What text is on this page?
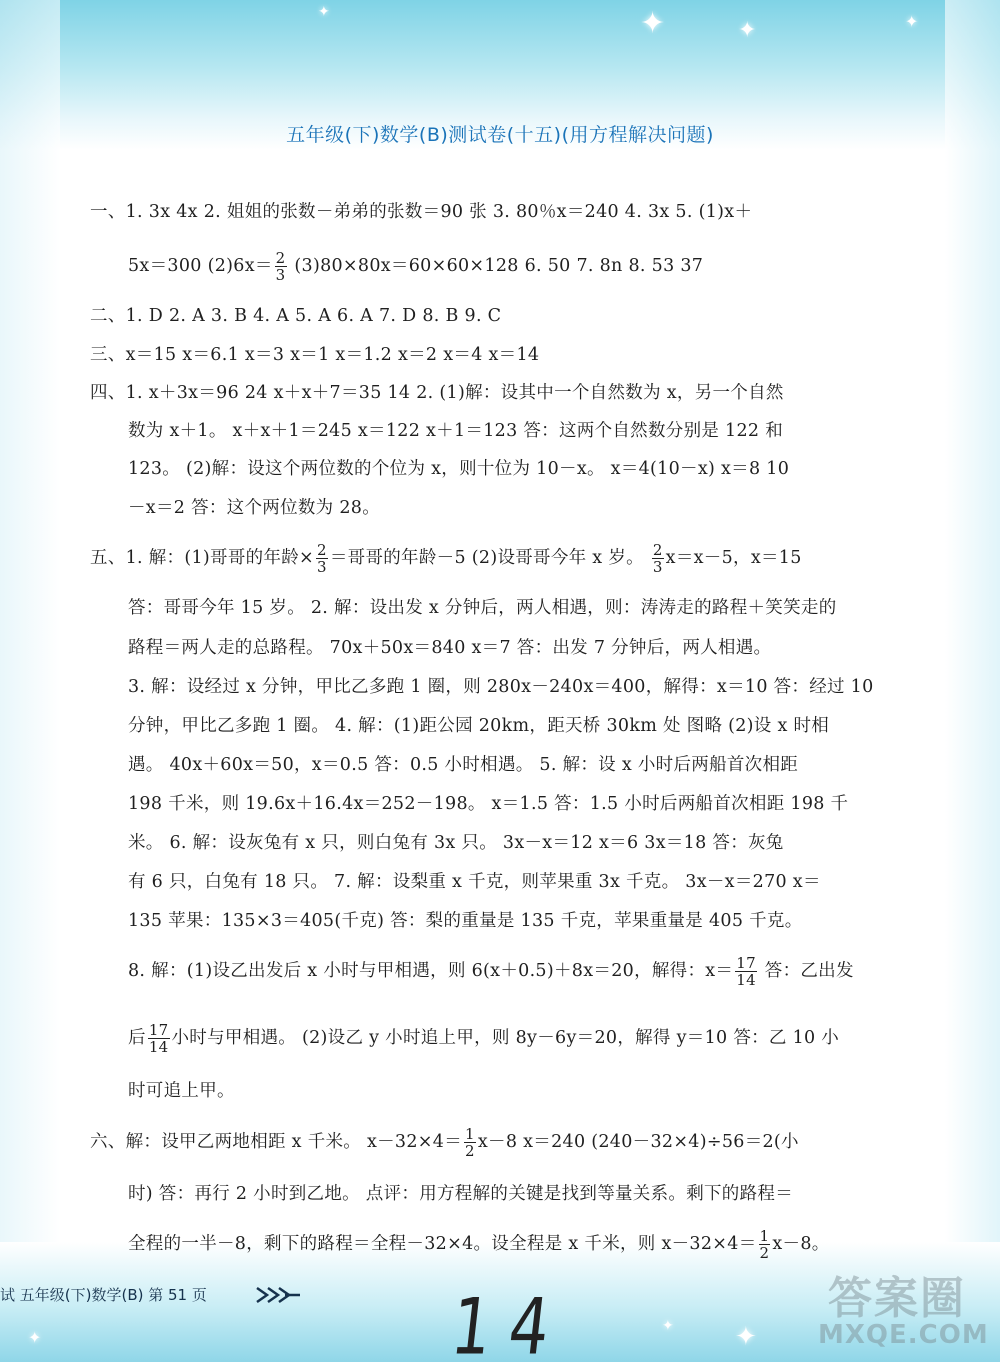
✦	✦
✦	✦
✦
✦
✦
五年级(下)数学(B)测试卷(十五)(用方程解决问题)
一、1. 3x 4x 2. 姐姐的张数－弟弟的张数＝90 张 3. 80％x＝240 4. 3x 5. (1)x＋
5x＝300 $(2)6x= \frac{2}{3} (3)80\times 80x=60\times 60\times 128$ 6. 50 7. 8n 8. 53 37
二、1. D 2. A 3. B 4. A 5. A 6. A 7. D 8. B 9. C
三、x＝15 x＝6.1 x＝3 x＝1 x＝1.2 x＝2 x＝4 x＝14
四、1. x＋3x＝96 24 x＋x＋7＝35 14 2. (1)解：设其中一个自然数为 x，另一个自然
数为 x＋1。 x＋x＋1＝245 x＝122 x＋1＝123 答：这两个自然数分别是 122 和
123。 (2)解：设这个两位数的个位为 x，则十位为 10－x。 x＝4(10－x) x＝8 10
－x＝2 答：这个两位数为 28。
五、1. 解：(1)哥哥的年龄× $\frac{2}{3}$ ＝哥哥的年龄－5 (2)设哥哥今年 x 岁。 $\frac{2}{3} x=x-5$，x＝15
答：哥哥今年 15 岁。 2. 解：设出发 x 分钟后，两人相遇，则：涛涛走的路程＋笑笑走的
路程＝两人走的总路程。 70x＋50x＝840 x＝7 答：出发 7 分钟后，两人相遇。
3. 解：设经过 x 分钟，甲比乙多跑 1 圈，则 280x－240x＝400，解得：x＝10 答：经过 10
分钟，甲比乙多跑 1 圈。 4. 解：(1)距公园 20km，距天桥 30km 处 图略 (2)设 x 时相
遇。 40x＋60x＝50，x＝0.5 答：0.5 小时相遇。 5. 解：设 x 小时后两船首次相距
198 千米，则 19.6x＋16.4x＝252－198。 x＝1.5 答：1.5 小时后两船首次相距 198 千
米。 6. 解：设灰兔有 x 只，则白兔有 3x 只。 3x－x＝12 x＝6 3x＝18 答：灰兔
有 6 只，白兔有 18 只。 7. 解：设梨重 x 千克，则苹果重 3x 千克。 3x－x＝270 x＝
135 苹果：135×3＝405(千克) 答：梨的重量是 135 千克，苹果重量是 405 千克。
8. 解：(1)设乙出发后 x 小时与甲相遇，则 6(x＋0.5)＋8x＝20，解得：$x= \frac{17}{14}$ 答：乙出发
后 $\frac{17}{14}$ 小时与甲相遇。 (2)设乙 y 小时追上甲，则 8y－6y＝20，解得 y＝10 答：乙 10 小
时可追上甲。
六、解：设甲乙两地相距 x 千米。 $x-32\times 4= \frac{1}{2} x-8$ x＝240 (240－32×4)÷56＝2(小
时) 答：再行 2 小时到乙地。 点评：用方程解的关键是找到等量关系。剩下的路程＝
全程的一半－8，剩下的路程＝全程－32×4。设全程是 x 千米，则 $x-32\times 4= \frac{1}{2} x-8$。
试 五年级(下)数学(B) 第 51 页	14	答案圈
MXQE.COM
